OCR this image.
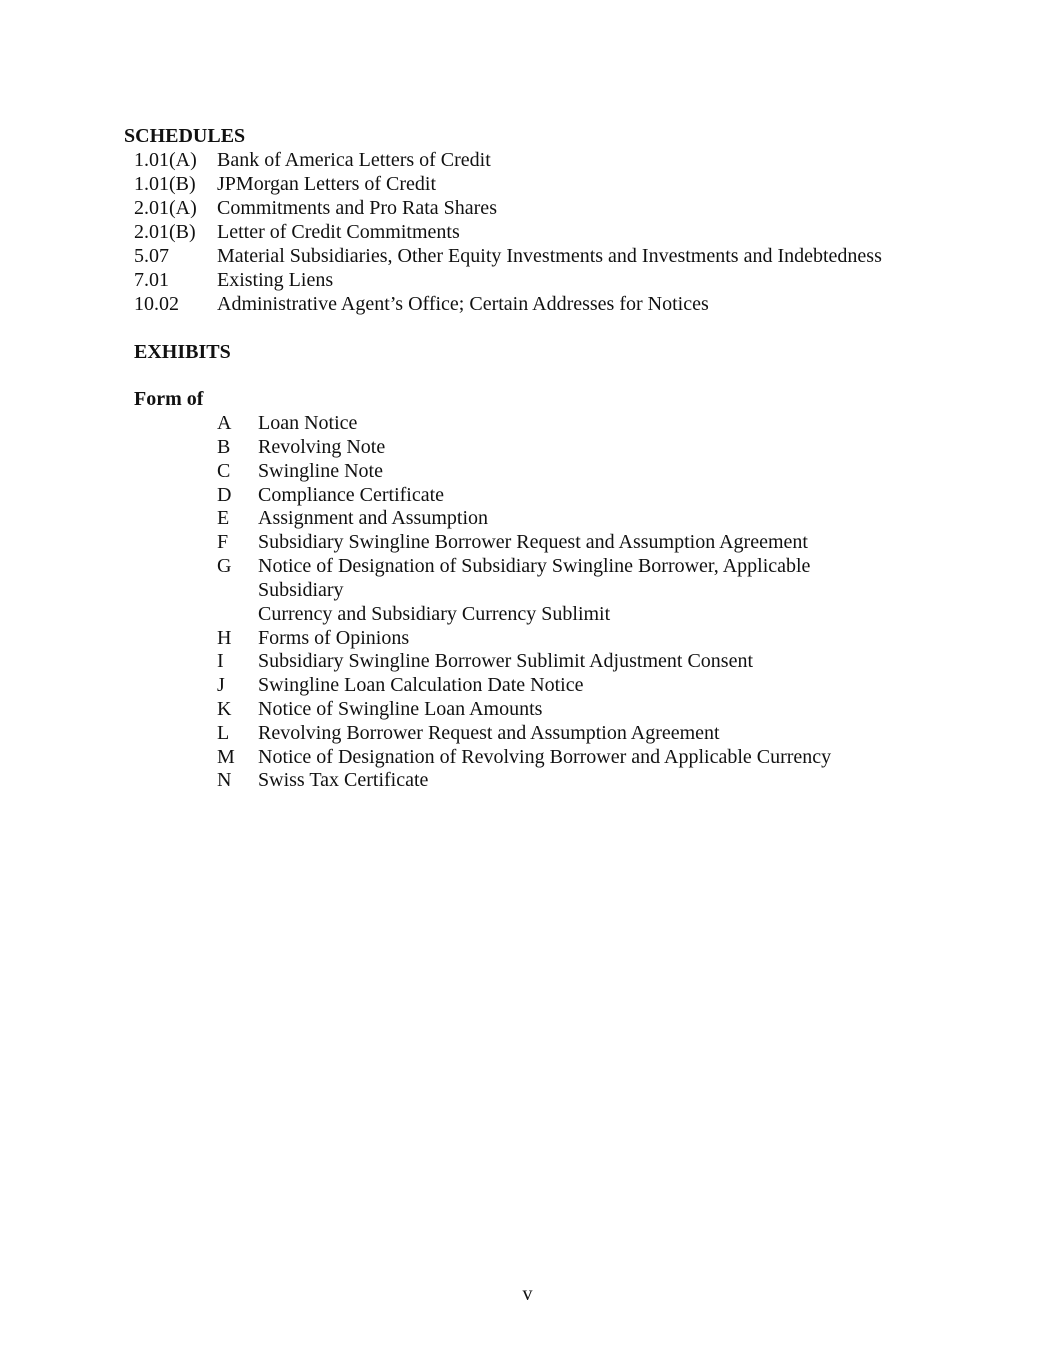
SCHEDULES
1.01(A) Bank of America Letters of Credit
1.01(B) JPMorgan Letters of Credit
2.01(A) Commitments and Pro Rata Shares
2.01(B) Letter of Credit Commitments
5.07 Material Subsidiaries, Other Equity Investments and Investments and Indebtedness
7.01 Existing Liens
10.02 Administrative Agent’s Office; Certain Addresses for Notices
EXHIBITS
Form of
A Loan Notice
B Revolving Note
C Swingline Note
D Compliance Certificate
E Assignment and Assumption
F Subsidiary Swingline Borrower Request and Assumption Agreement
G Notice of Designation of Subsidiary Swingline Borrower, Applicable
Subsidiary
Currency and Subsidiary Currency Sublimit
H Forms of Opinions
I Subsidiary Swingline Borrower Sublimit Adjustment Consent
J Swingline Loan Calculation Date Notice
K Notice of Swingline Loan Amounts
L Revolving Borrower Request and Assumption Agreement
M Notice of Designation of Revolving Borrower and Applicable Currency
N Swiss Tax Certificate
v
